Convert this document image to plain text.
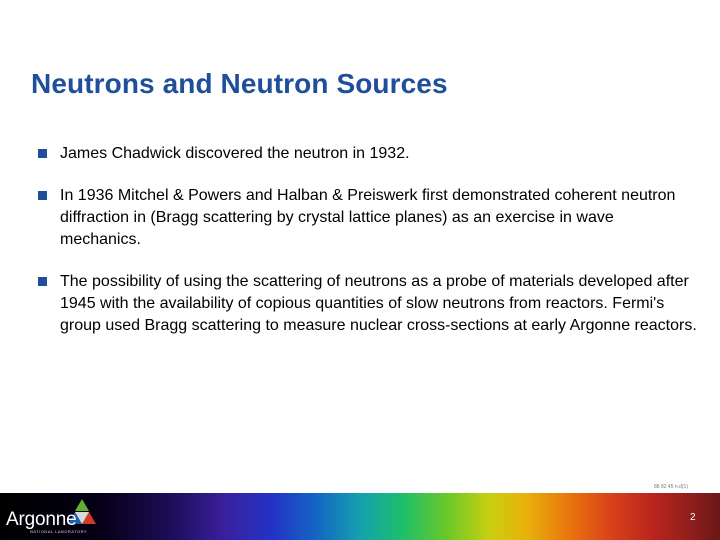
Neutrons and Neutron Sources
James Chadwick discovered the neutron in 1932.
In 1936 Mitchel & Powers and Halban & Preiswerk first demonstrated coherent neutron diffraction in (Bragg scattering by crystal lattice planes) as an exercise in wave mechanics.
The possibility of using the scattering of neutrons as a probe of materials developed after 1945 with the availability of copious quantities of slow neutrons from reactors. Fermi's group used Bragg scattering to measure nuclear cross-sections at early Argonne reactors.
88 82 45 n.d(1)
Argonne
NATIONAL LABORATORY
2
